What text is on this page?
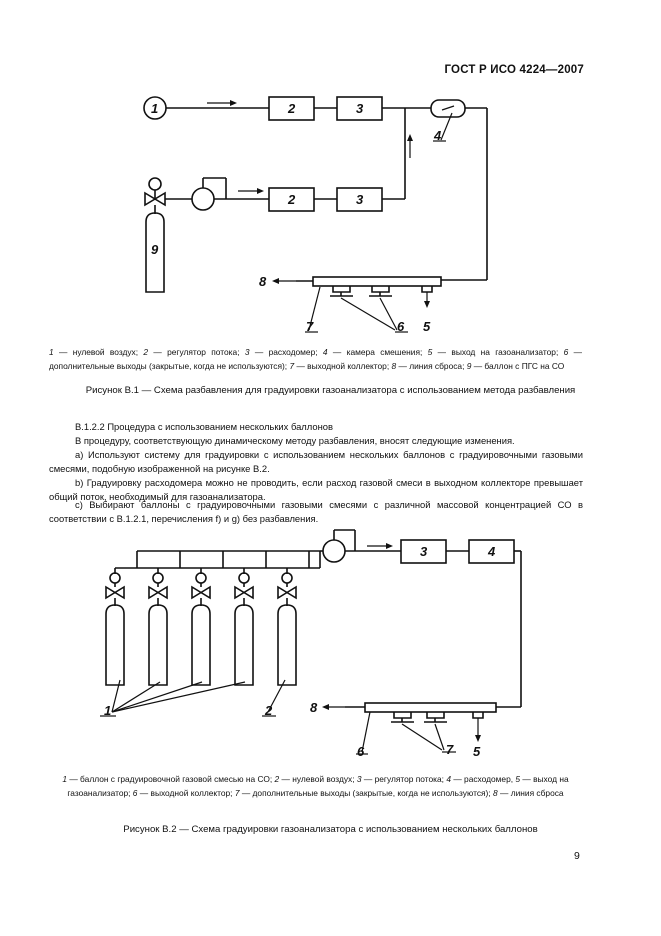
ГОСТ Р ИСО 4224—2007
1	2	3
2	3
4
5
6
7
8
9
1 — нулевой воздух; 2 — регулятор потока; 3 — расходомер; 4 — камера смешения; 5 — выход на газоанализатор; 6 — дополнительные выходы (закрытые, когда не используются); 7 — выходной коллектор; 8 — линия сброса; 9 — баллон с ПГС на СО
Рисунок В.1 — Схема разбавления для градуировки газоанализатора с использованием метода разбавления
В.1.2.2 Процедура с использованием нескольких баллонов
В процедуру, соответствующую динамическому методу разбавления, вносят следующие изменения.
a) Используют систему для градуировки с использованием нескольких баллонов с градуировочными газовыми смесями, подобную изображенной на рисунке В.2.
b) Градуировку расходомера можно не проводить, если расход газовой смеси в выходном коллекторе превышает общий поток, необходимый для газоанализатора.
c) Выбирают баллоны с градуировочными газовыми смесями с различной массовой концентрацией СО в соответствии с В.1.2.1, перечисления f) и g) без разбавления.
1	2
3	4
5
6	7
8
1 — баллон с градуировочной газовой смесью на СО; 2 — нулевой воздух; 3 — регулятор потока; 4 — расходомер, 5 — выход на газоанализатор; 6 — выходной коллектор; 7 — дополнительные выходы (закрытые, когда не используются); 8 — линия сброса
Рисунок В.2 — Схема градуировки газоанализатора с использованием нескольких баллонов
9
